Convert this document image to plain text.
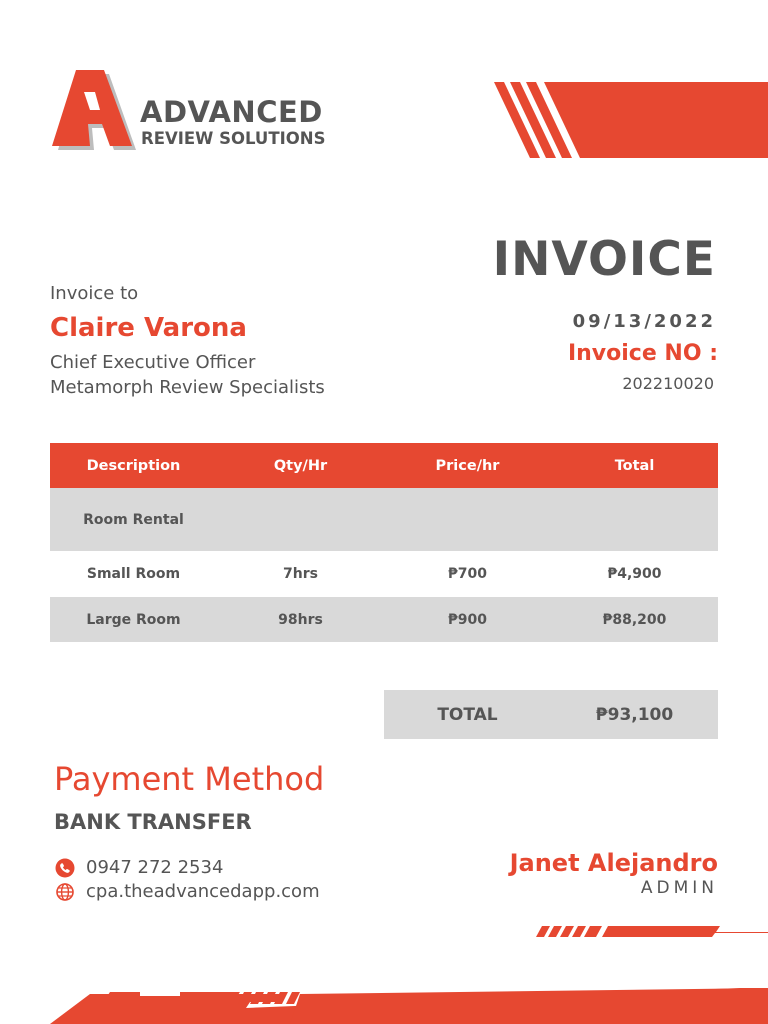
ADVANCED
REVIEW SOLUTIONS
INVOICE
Invoice to
Claire Varona
Chief Executive Officer
Metamorph Review Specialists
09/13/2022
Invoice NO :
202210020
Description	Qty/Hr	Price/hr	Total
Room Rental
Small Room	7hrs	₱700	₱4,900
Large Room	98hrs	₱900	₱88,200
TOTAL	₱93,100
Payment Method
BANK TRANSFER
0947 272 2534
cpa.theadvancedapp.com
Janet Alejandro
ADMIN
